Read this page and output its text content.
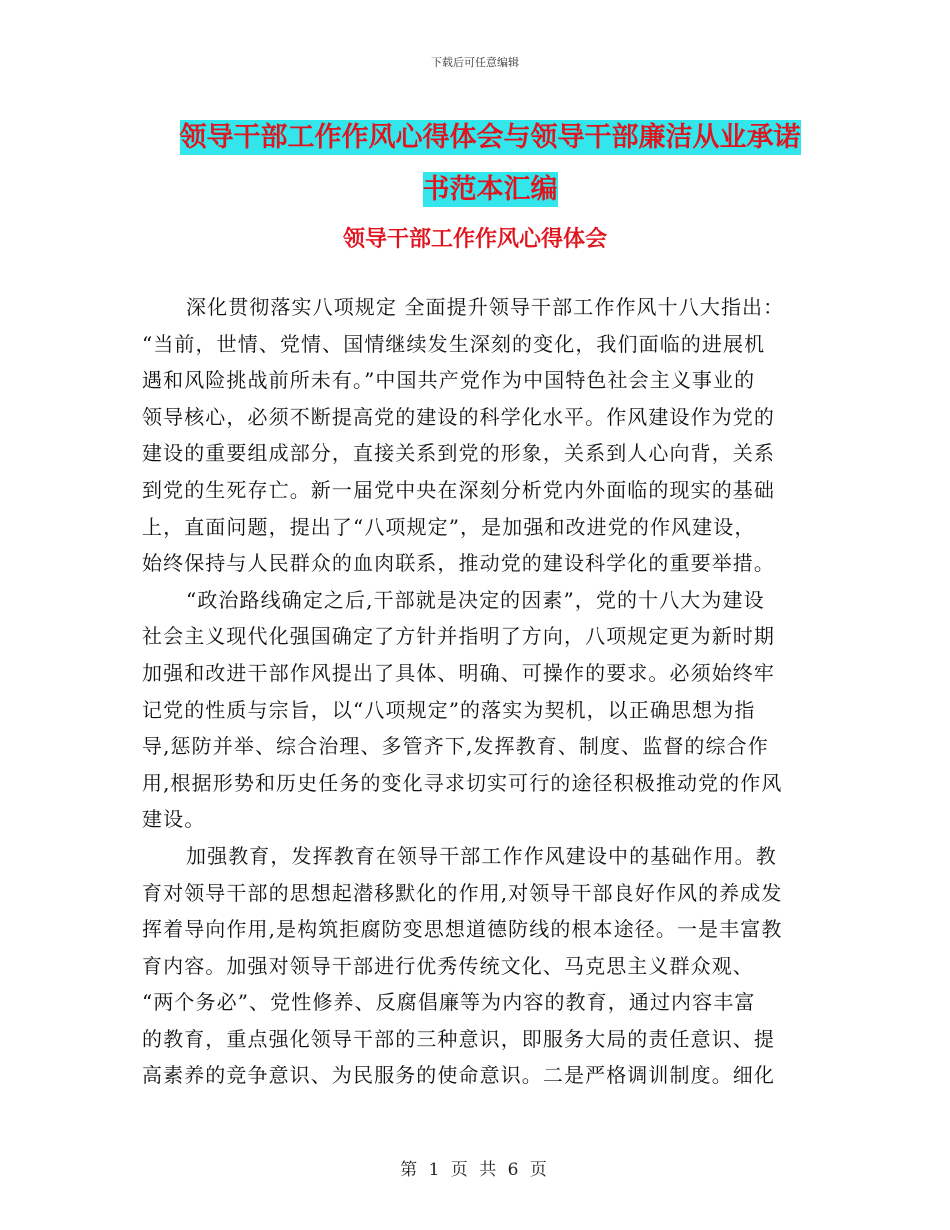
下载后可任意编辑
领导干部工作作风心得体会与领导干部廉洁从业承诺
书范本汇编
领导干部工作作风心得体会

深化贯彻落实八项规定 全面提升领导干部工作作风十八大指出：
“当前，世情、党情、国情继续发生深刻的变化，我们面临的进展机
遇和风险挑战前所未有。”中国共产党作为中国特色社会主义事业的
领导核心，必须不断提高党的建设的科学化水平。作风建设作为党的
建设的重要组成部分，直接关系到党的形象，关系到人心向背，关系
到党的生死存亡。新一届党中央在深刻分析党内外面临的现实的基础
上，直面问题，提出了“八项规定”，是加强和改进党的作风建设，
始终保持与人民群众的血肉联系，推动党的建设科学化的重要举措。

“政治路线确定之后,干部就是决定的因素”，党的十八大为建设
社会主义现代化强国确定了方针并指明了方向，八项规定更为新时期
加强和改进干部作风提出了具体、明确、可操作的要求。必须始终牢
记党的性质与宗旨，以“八项规定”的落实为契机，以正确思想为指
导,惩防并举、综合治理、多管齐下,发挥教育、制度、监督的综合作
用,根据形势和历史任务的变化寻求切实可行的途径积极推动党的作风
建设。

加强教育，发挥教育在领导干部工作作风建设中的基础作用。教
育对领导干部的思想起潜移默化的作用,对领导干部良好作风的养成发
挥着导向作用,是构筑拒腐防变思想道德防线的根本途径。一是丰富教
育内容。加强对领导干部进行优秀传统文化、马克思主义群众观、
“两个务必”、党性修养、反腐倡廉等为内容的教育，通过内容丰富
的教育，重点强化领导干部的三种意识，即服务大局的责任意识、提
高素养的竞争意识、为民服务的使命意识。二是严格调训制度。细化

第 1 页 共 6 页
